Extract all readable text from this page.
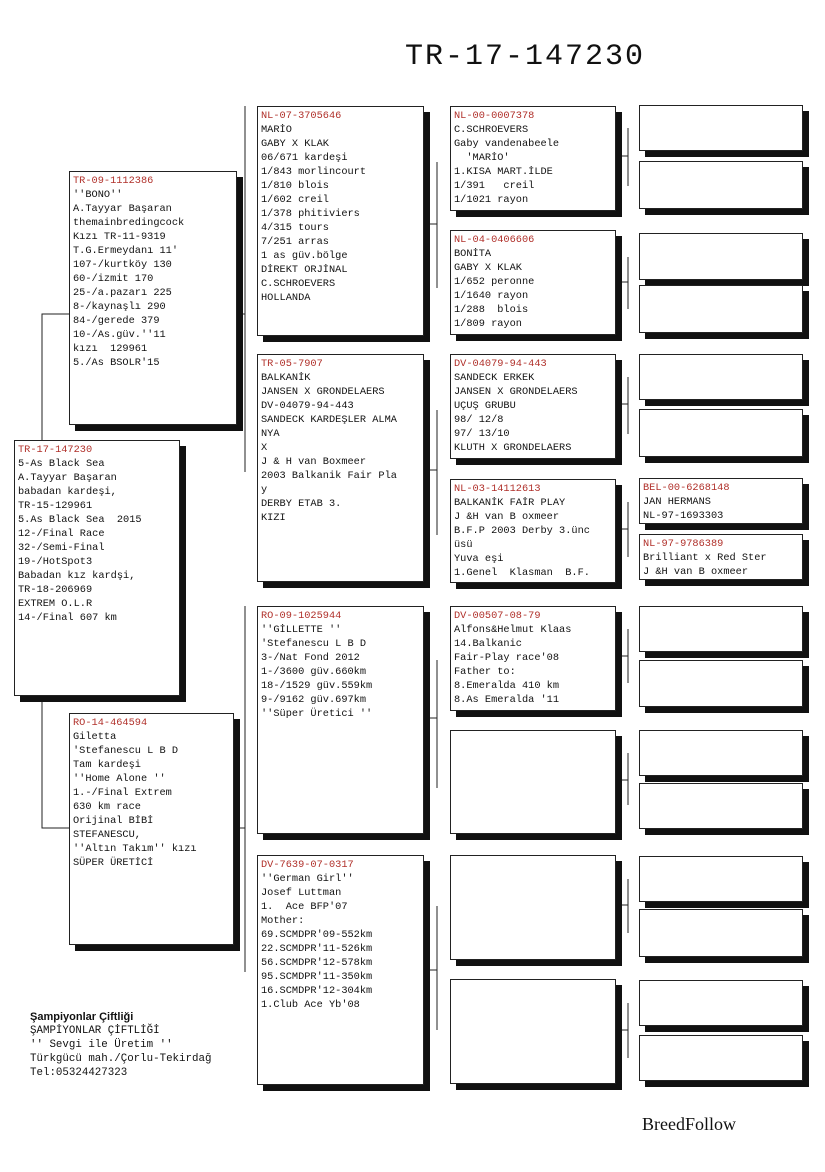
TR-17-147230
TR-17-147230
5-As Black Sea
A.Tayyar Başaran
babadan kardeşi,
TR-15-129961
5.As Black Sea  2015
12-/Final Race
32-/Semi-Final
19-/HotSpot3
Babadan kız kardşi,
TR-18-206969
EXTREM O.L.R
14-/Final 607 km
TR-09-1112386
''BONO''
A.Tayyar Başaran
themainbredingcock
Kızı TR-11-9319
T.G.Ermeydanı 11'
107-/kurtköy 130
60-/izmit 170
25-/a.pazarı 225
8-/kaynaşlı 290
84-/gerede 379
10-/As.güv.''11
kızı  129961
5./As BSOLR'15
RO-14-464594
Giletta
'Stefanescu L B D
Tam kardeşi
''Home Alone ''
1.-/Final Extrem
630 km race
Orijinal BİBİ
STEFANESCU,
''Altın Takım'' kızı
SÜPER ÜRETİCİ
NL-07-3705646
MARİO
GABY X KLAK
06/671 kardeşi
1/843 morlincourt
1/810 blois
1/602 creil
1/378 phitiviers
4/315 tours
7/251 arras
1 as güv.bölge
DİREKT ORJİNAL
C.SCHROEVERS
HOLLANDA
TR-05-7907
BALKANİK
JANSEN X GRONDELAERS
DV-04079-94-443
SANDECK KARDEŞLER ALMA
NYA
X
J & H van Boxmeer
2003 Balkanik Fair Pla
y
DERBY ETAB 3.
KIZI
RO-09-1025944
''GİLLETTE ''
'Stefanescu L B D
3-/Nat Fond 2012
1-/3600 güv.660km
18-/1529 güv.559km
9-/9162 güv.697km
''Süper Üretici ''
DV-7639-07-0317
''German Girl''
Josef Luttman
1.  Ace BFP'07
Mother:
69.SCMDPR'09-552km
22.SCMDPR'11-526km
56.SCMDPR'12-578km
95.SCMDPR'11-350km
16.SCMDPR'12-304km
1.Club Ace Yb'08
NL-00-0007378
C.SCHROEVERS
Gaby vandenabeele
'MARİO'
1.KISA MART.İLDE
1/391   creil
1/1021 rayon
NL-04-0406606
BONİTA
GABY X KLAK
1/652 peronne
1/1640 rayon
1/288  blois
1/809 rayon
DV-04079-94-443
SANDECK ERKEK
JANSEN X GRONDELAERS
UÇUŞ GRUBU
98/ 12/8
97/ 13/10
KLUTH X GRONDELAERS
NL-03-14112613
BALKANİK FAİR PLAY
J &H van B oxmeer
B.F.P 2003 Derby 3.ünc
üsü
Yuva eşi
1.Genel  Klasman  B.F.
DV-00507-08-79
Alfons&Helmut Klaas
14.Balkanic
Fair-Play race'08
Father to:
8.Emeralda 410 km
8.As Emeralda '11
BEL-00-6268148
JAN HERMANS
NL-97-1693303
NL-97-9786389
Brilliant x Red Ster
J &H van B oxmeer
Şampiyonlar Çiftliği
ŞAMPİYONLAR ÇİFTLİĞİ
'' Sevgi ile Üretim ''
Türkgücü mah./Çorlu-Tekirdağ
Tel:05324427323
BreedFollow
